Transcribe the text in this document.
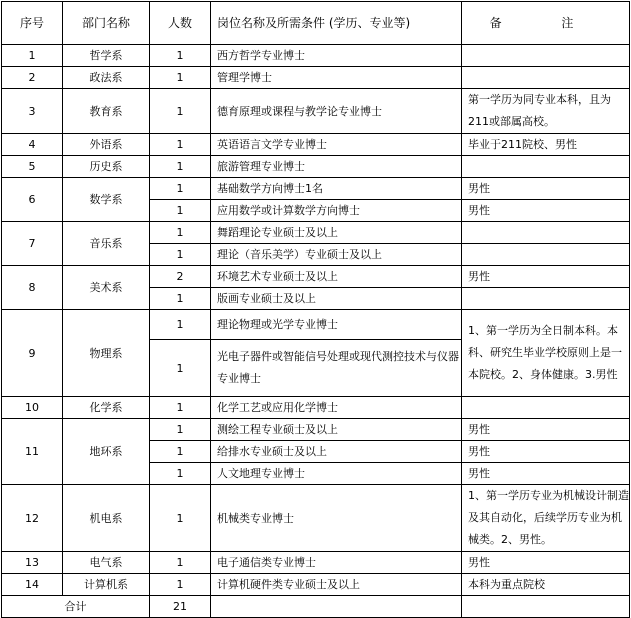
序号	部门名称	人数	岗位名称及所需条件 (学历、专业等)	备 注
1	哲学系	1	西方哲学专业博士	
2	政法系	1	管理学博士	
3	教育系	1	德育原理或课程与教学论专业博士	第一学历为同专业本科，且为211或部属高校。
4	外语系	1	英语语言文学专业博士	毕业于211院校、男性
5	历史系	1	旅游管理专业博士	
6	数学系	1	基础数学方向博士1名	男性
		1	应用数学或计算数学方向博士	男性
7	音乐系	1	舞蹈理论专业硕士及以上	
		1	理论（音乐美学）专业硕士及以上	
8	美术系	2	环境艺术专业硕士及以上	男性
		1	版画专业硕士及以上	
9	物理系	1	理论物理或光学专业博士	1、第一学历为全日制本科。本科、研究生毕业学校原则上是一本院校。2、身体健康。3.男性
		1	光电子器件或智能信号处理或现代测控技术与仪器专业博士	
10	化学系	1	化学工艺或应用化学博士	
11	地环系	1	测绘工程专业硕士及以上	男性
		1	给排水专业硕士及以上	男性
		1	人文地理专业博士	男性
12	机电系	1	机械类专业博士	1、第一学历专业为机械设计制造及其自动化，后续学历专业为机械类。2、男性。
13	电气系	1	电子通信类专业博士	男性
14	计算机系	1	计算机硬件类专业硕士及以上	本科为重点院校
合计		21		
